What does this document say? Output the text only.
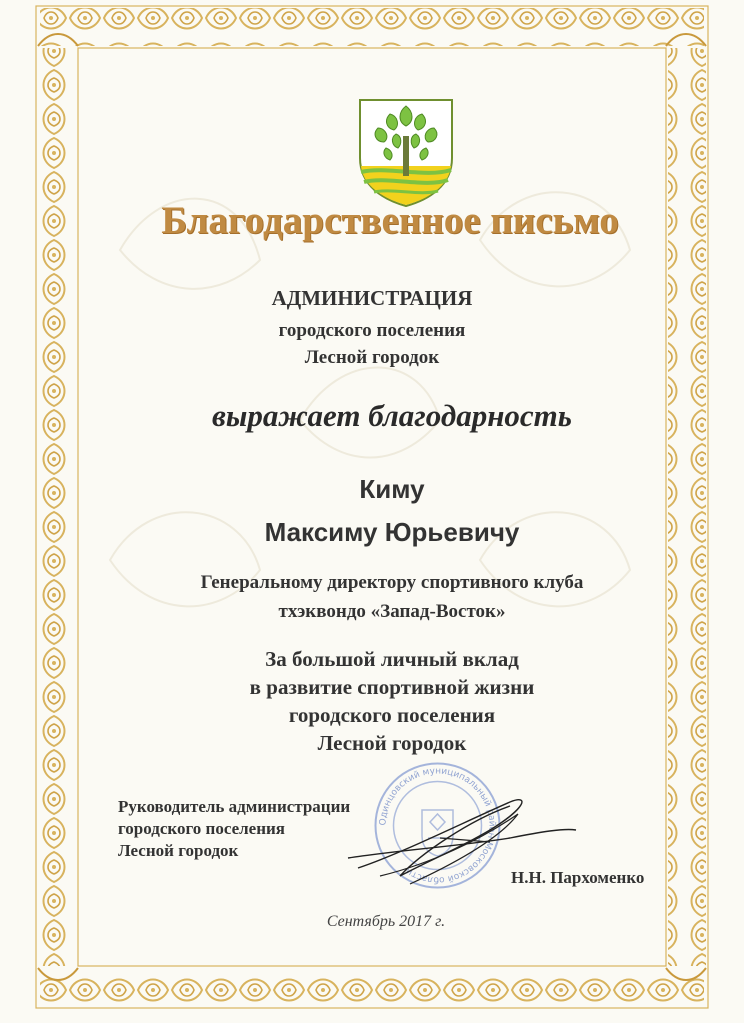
Благодарственное письмо
АДМИНИСТРАЦИЯ
городского поселения
Лесной городок
выражает благодарность
Киму
Максиму Юрьевичу
Генеральному директору спортивного клуба
тхэквондо «Запад-Восток»
За большой личный вклад
в развитие спортивной жизни
городского поселения
Лесной городок
Руководитель администрации
городского поселения
Лесной городок
Одинцовский муниципальный район Московской области	Н.Н. Пархоменко
Сентябрь 2017 г.
